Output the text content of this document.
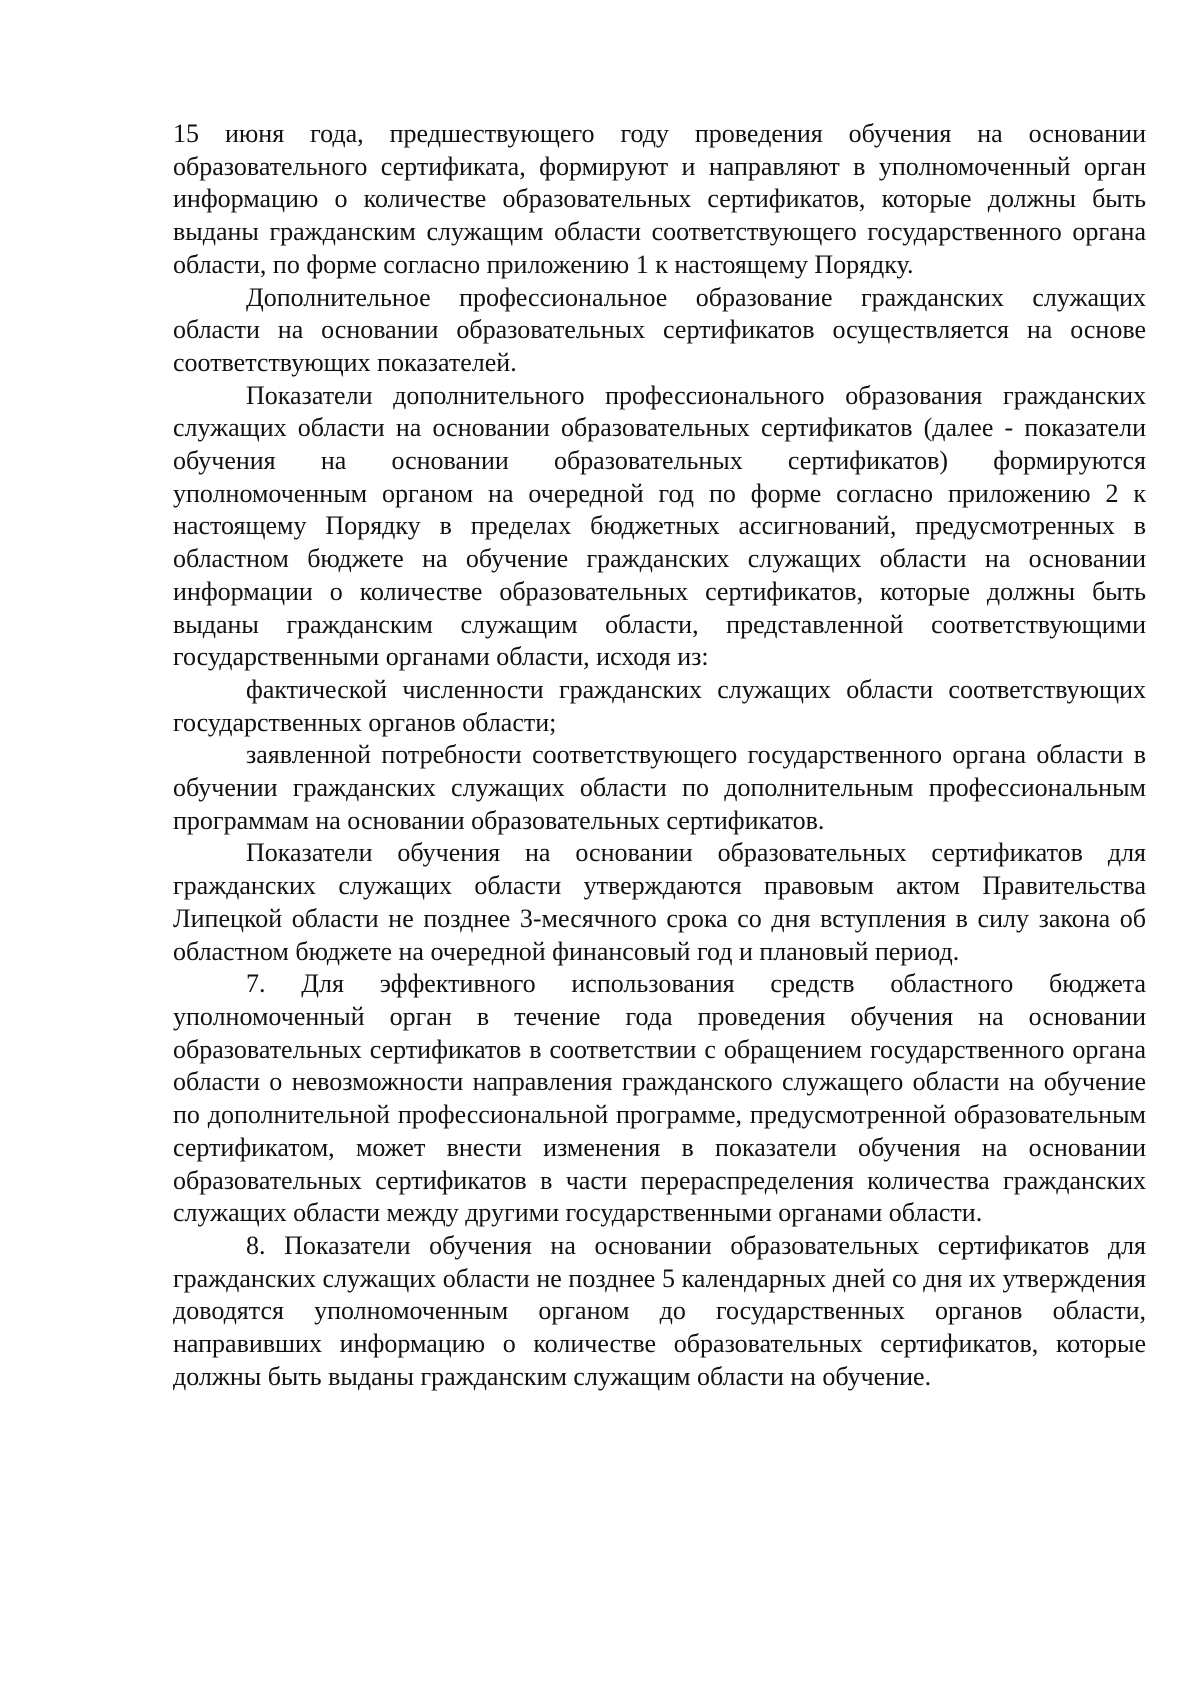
15 июня года, предшествующего году проведения обучения на основании образовательного сертификата, формируют и направляют в уполномоченный орган информацию о количестве образовательных сертификатов, которые должны быть выданы гражданским служащим области соответствующего государственного органа области, по форме согласно приложению 1 к настоящему Порядку.

Дополнительное профессиональное образование гражданских служащих области на основании образовательных сертификатов осуществляется на основе соответствующих показателей.

Показатели дополнительного профессионального образования гражданских служащих области на основании образовательных сертификатов (далее - показатели обучения на основании образовательных сертификатов) формируются уполномоченным органом на очередной год по форме согласно приложению 2 к настоящему Порядку в пределах бюджетных ассигнований, предусмотренных в областном бюджете на обучение гражданских служащих области на основании информации о количестве образовательных сертификатов, которые должны быть выданы гражданским служащим области, представленной соответствующими государственными органами области, исходя из:

фактической численности гражданских служащих области соответствующих государственных органов области;

заявленной потребности соответствующего государственного органа области в обучении гражданских служащих области по дополнительным профессиональным программам на основании образовательных сертификатов.

Показатели обучения на основании образовательных сертификатов для гражданских служащих области утверждаются правовым актом Правительства Липецкой области не позднее 3-месячного срока со дня вступления в силу закона об областном бюджете на очередной финансовый год и плановый период.

7. Для эффективного использования средств областного бюджета уполномоченный орган в течение года проведения обучения на основании образовательных сертификатов в соответствии с обращением государственного органа области о невозможности направления гражданского служащего области на обучение по дополнительной профессиональной программе, предусмотренной образовательным сертификатом, может внести изменения в показатели обучения на основании образовательных сертификатов в части перераспределения количества гражданских служащих области между другими государственными органами области.

8. Показатели обучения на основании образовательных сертификатов для гражданских служащих области не позднее 5 календарных дней со дня их утверждения доводятся уполномоченным органом до государственных органов области, направивших информацию о количестве образовательных сертификатов, которые должны быть выданы гражданским служащим области на обучение.
